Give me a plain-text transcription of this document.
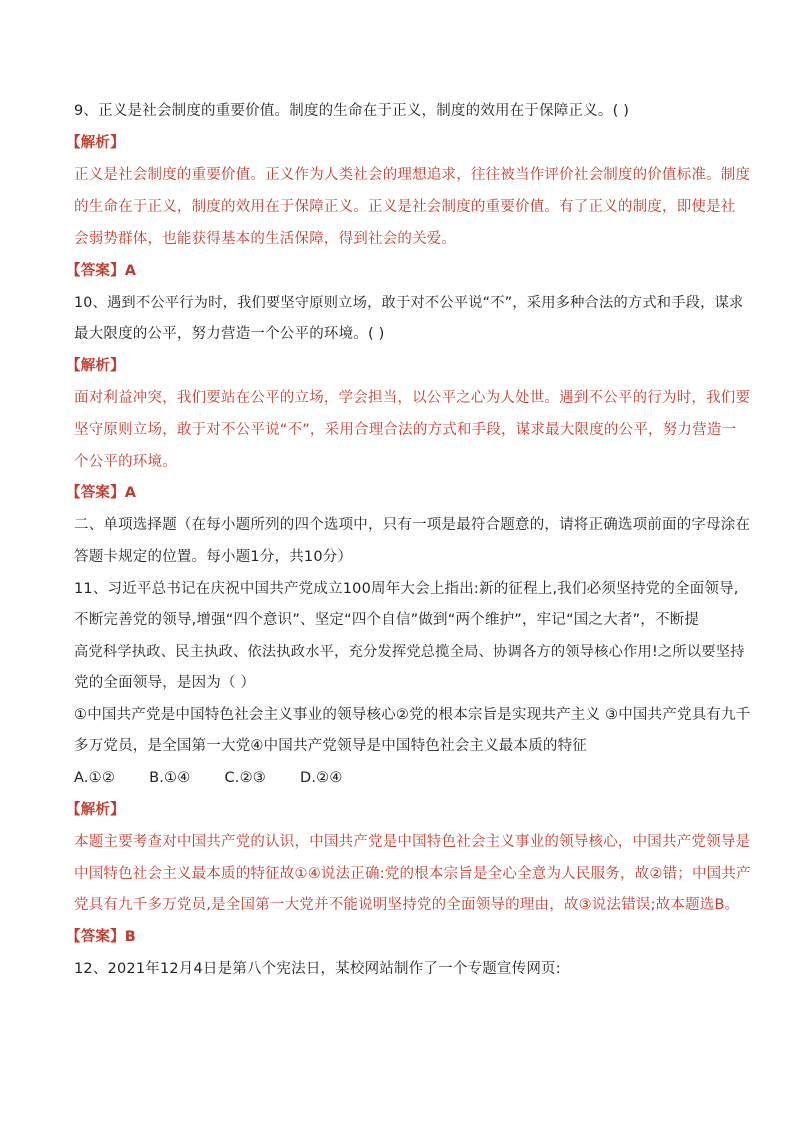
9、正义是社会制度的重要价值。制度的生命在于正义，制度的效用在于保障正义。( )
【解析】
正义是社会制度的重要价值。正义作为人类社会的理想追求，往往被当作评价社会制度的价值标准。制度
的生命在于正义，制度的效用在于保障正义。正义是社会制度的重要价值。有了正义的制度，即使是社
会弱势群体，也能获得基本的生活保障，得到社会的关爱。
【答案】A
10、遇到不公平行为时，我们要坚守原则立场，敢于对不公平说“不”，采用多种合法的方式和手段，谋求
最大限度的公平，努力营造一个公平的环境。( )
【解析】
面对利益冲突，我们要站在公平的立场，学会担当，以公平之心为人处世。遇到不公平的行为时，我们要
坚守原则立场，敢于对不公平说“不”，采用合理合法的方式和手段，谋求最大限度的公平，努力营造一
个公平的环境。
【答案】A
二、单项选择题（在每小题所列的四个选项中，只有一项是最符合题意的，请将正确选项前面的字母涂在
答题卡规定的位置。每小题1分，共10分）
11、习近平总书记在庆祝中国共产党成立100周年大会上指出:新的征程上,我们必须坚持党的全面领导,
不断完善党的领导,增强“四个意识”、坚定“四个自信”做到“两个维护”，牢记“国之大者”，不断提
高党科学执政、民主执政、依法执政水平，充分发挥党总揽全局、协调各方的领导核心作用!之所以要坚持
党的全面领导，是因为（ ）
①中国共产党是中国特色社会主义事业的领导核心②党的根本宗旨是实现共产主义 ③中国共产党具有九千
多万党员，是全国第一大党④中国共产党领导是中国特色社会主义最本质的特征
A.①② B.①④ C.②③ D.②④
【解析】
本题主要考查对中国共产党的认识，中国共产党是中国特色社会主义事业的领导核心，中国共产党领导是
中国特色社会主义最本质的特征故①④说法正确:党的根本宗旨是全心全意为人民服务，故②错；中国共产
党具有九千多万党员,是全国第一大党并不能说明坚持党的全面领导的理由，故③说法错误;故本题选B。
【答案】B
12、2021年12月4日是第八个宪法日，某校网站制作了一个专题宣传网页:
